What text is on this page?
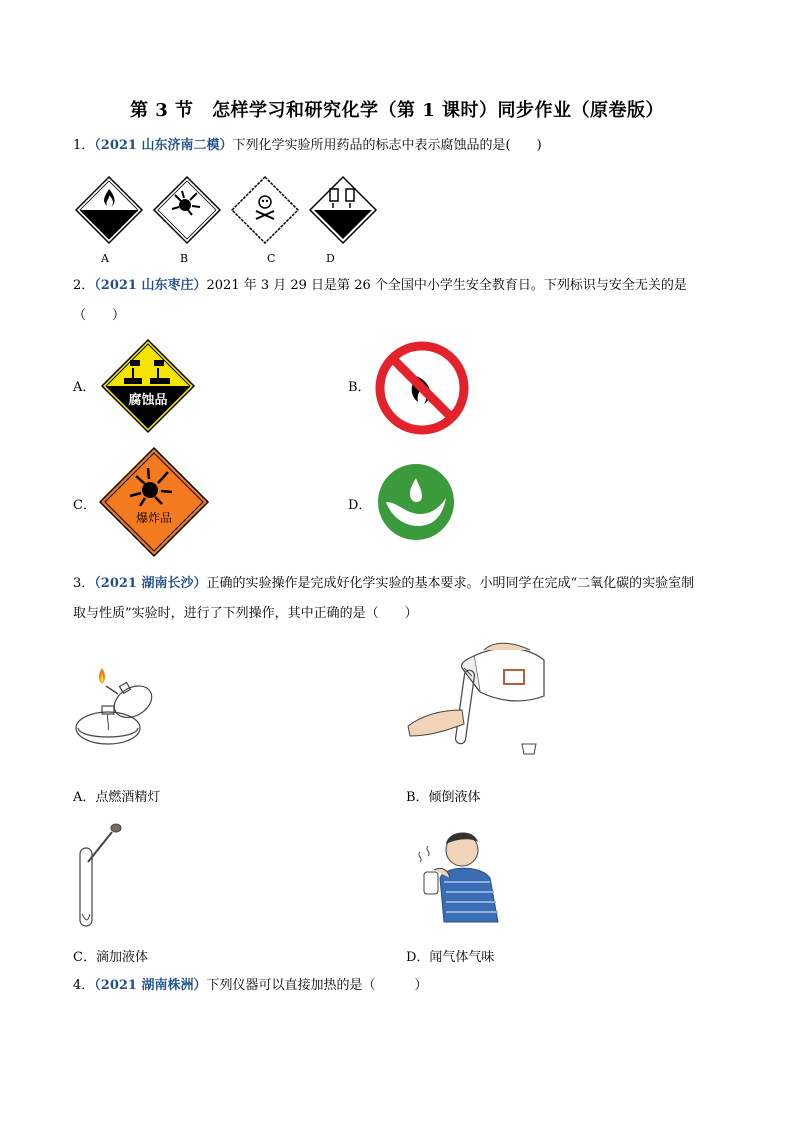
第 3 节　怎样学习和研究化学（第 1 课时）同步作业（原卷版）
1．（2021 山东济南二模）下列化学实验所用药品的标志中表示腐蚀品的是(　　)
A	B	C	D
2．（2021 山东枣庄）2021 年 3 月 29 日是第 26 个全国中小学生安全教育日。下列标识与安全无关的是
（　　）
A．
腐蚀品
B．
C．
爆炸品
D．
3．（2021 湖南长沙）正确的实验操作是完成好化学实验的基本要求。小明同学在完成“二氧化碳的实验室制
取与性质”实验时，进行了下列操作，其中正确的是（　　）
A．点燃酒精灯	B．倾倒液体
C．滴加液体	D．闻气体气味
4．（2021 湖南株洲）下列仪器可以直接加热的是（　　　）
